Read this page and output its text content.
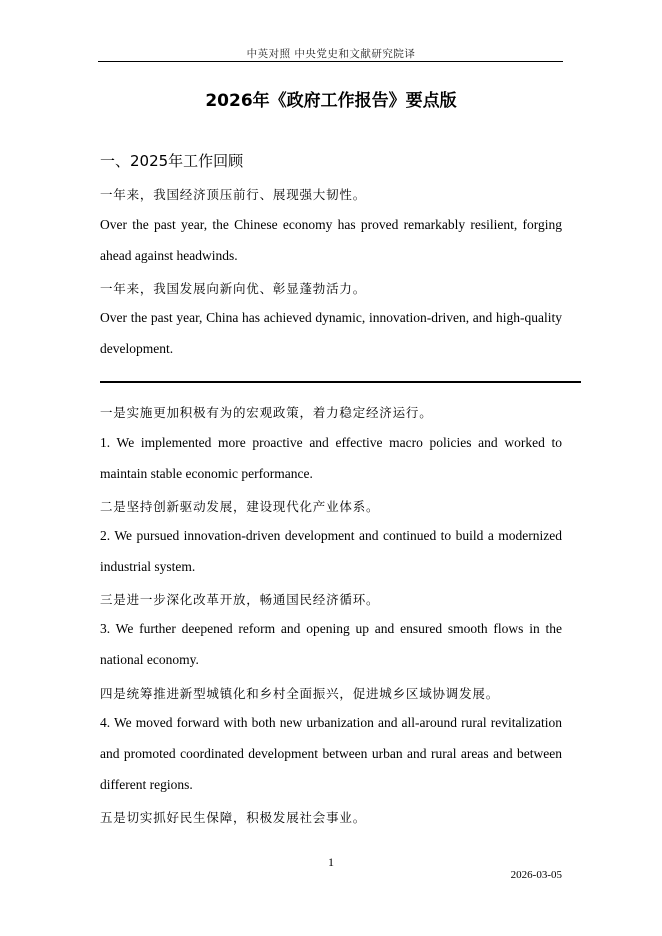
中英对照 中央党史和文献研究院译
2026年《政府工作报告》要点版
一、2025年工作回顾
一年来，我国经济顶压前行、展现强大韧性。
Over the past year, the Chinese economy has proved remarkably resilient, forging
ahead against headwinds.
一年来，我国发展向新向优、彰显蓬勃活力。
Over the past year, China has achieved dynamic, innovation-driven, and high-quality
development.
一是实施更加积极有为的宏观政策，着力稳定经济运行。
1. We implemented more proactive and effective macro policies and worked to
maintain stable economic performance.
二是坚持创新驱动发展，建设现代化产业体系。
2. We pursued innovation-driven development and continued to build a modernized
industrial system.
三是进一步深化改革开放，畅通国民经济循环。
3. We further deepened reform and opening up and ensured smooth flows in the
national economy.
四是统筹推进新型城镇化和乡村全面振兴，促进城乡区域协调发展。
4. We moved forward with both new urbanization and all-around rural revitalization
and promoted coordinated development between urban and rural areas and between
different regions.
五是切实抓好民生保障，积极发展社会事业。
1
2026-03-05
